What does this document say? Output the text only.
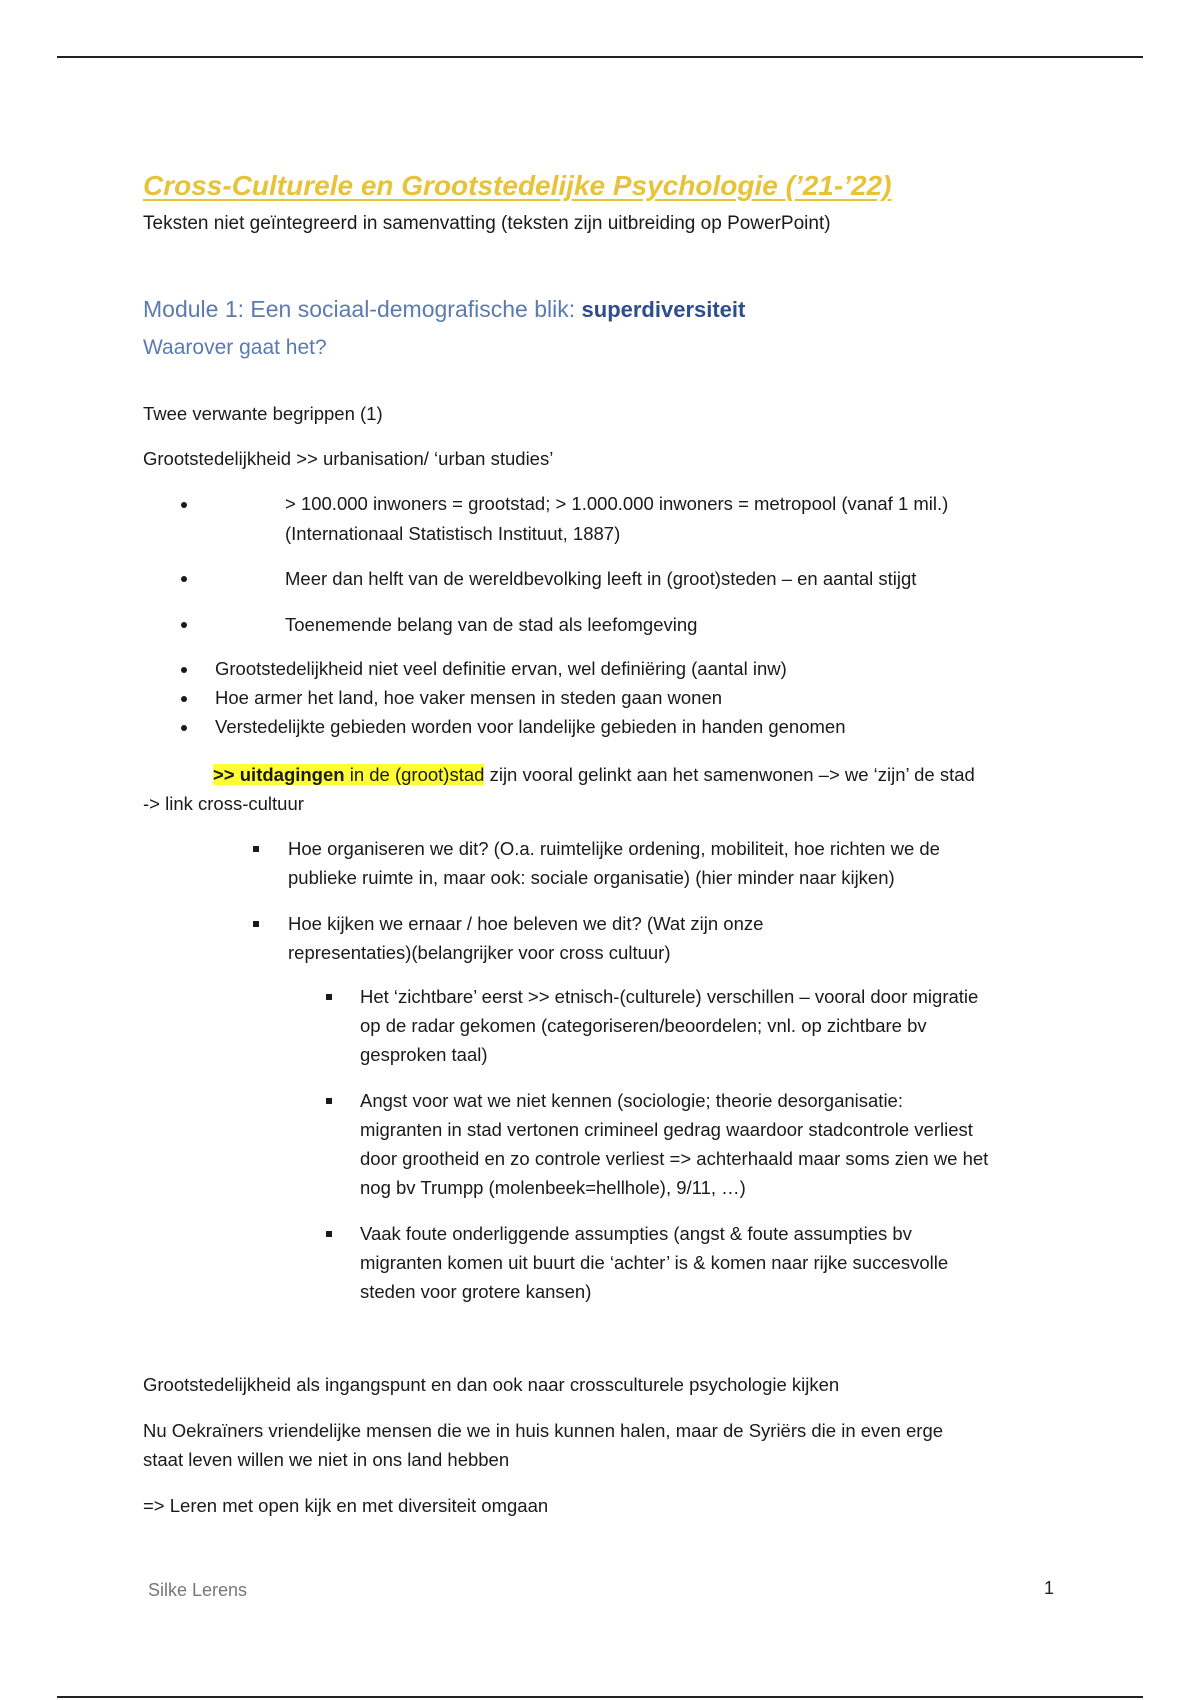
Cross-Culturele en Grootstedelijke Psychologie (’21-’22)

Teksten niet geïntegreerd in samenvatting (teksten zijn uitbreiding op PowerPoint)

Module 1: Een sociaal-demografische blik: superdiversiteit
Waarover gaat het?

Twee verwante begrippen (1)

Grootstedelijkheid >> urbanisation/ ‘urban studies’

> 100.000 inwoners = grootstad; > 1.000.000 inwoners = metropool (vanaf 1 mil.)
(Internationaal Statistisch Instituut, 1887)
Meer dan helft van de wereldbevolking leeft in (groot)steden – en aantal stijgt
Toenemende belang van de stad als leefomgeving
Grootstedelijkheid niet veel definitie ervan, wel definiëring (aantal inw)
Hoe armer het land, hoe vaker mensen in steden gaan wonen
Verstedelijkte gebieden worden voor landelijke gebieden in handen genomen

>> uitdagingen in de (groot)stad zijn vooral gelinkt aan het samenwonen –> we ‘zijn’ de stad

-> link cross-cultuur

Hoe organiseren we dit? (O.a. ruimtelijke ordening, mobiliteit, hoe richten we de
publieke ruimte in, maar ook: sociale organisatie) (hier minder naar kijken)
Hoe kijken we ernaar / hoe beleven we dit? (Wat zijn onze
representaties)(belangrijker voor cross cultuur)
Het ‘zichtbare’ eerst >> etnisch-(culturele) verschillen – vooral door migratie
op de radar gekomen (categoriseren/beoordelen; vnl. op zichtbare bv
gesproken taal)
Angst voor wat we niet kennen (sociologie; theorie desorganisatie:
migranten in stad vertonen crimineel gedrag waardoor stadcontrole verliest
door grootheid en zo controle verliest => achterhaald maar soms zien we het
nog bv Trumpp (molenbeek=hellhole), 9/11, …)
Vaak foute onderliggende assumpties (angst & foute assumpties bv
migranten komen uit buurt die ‘achter’ is & komen naar rijke succesvolle
steden voor grotere kansen)

Grootstedelijkheid als ingangspunt en dan ook naar crossculturele psychologie kijken

Nu Oekraïners vriendelijke mensen die we in huis kunnen halen, maar de Syriërs die in even erge

staat leven willen we niet in ons land hebben

=> Leren met open kijk en met diversiteit omgaan

Silke Lerens	1
